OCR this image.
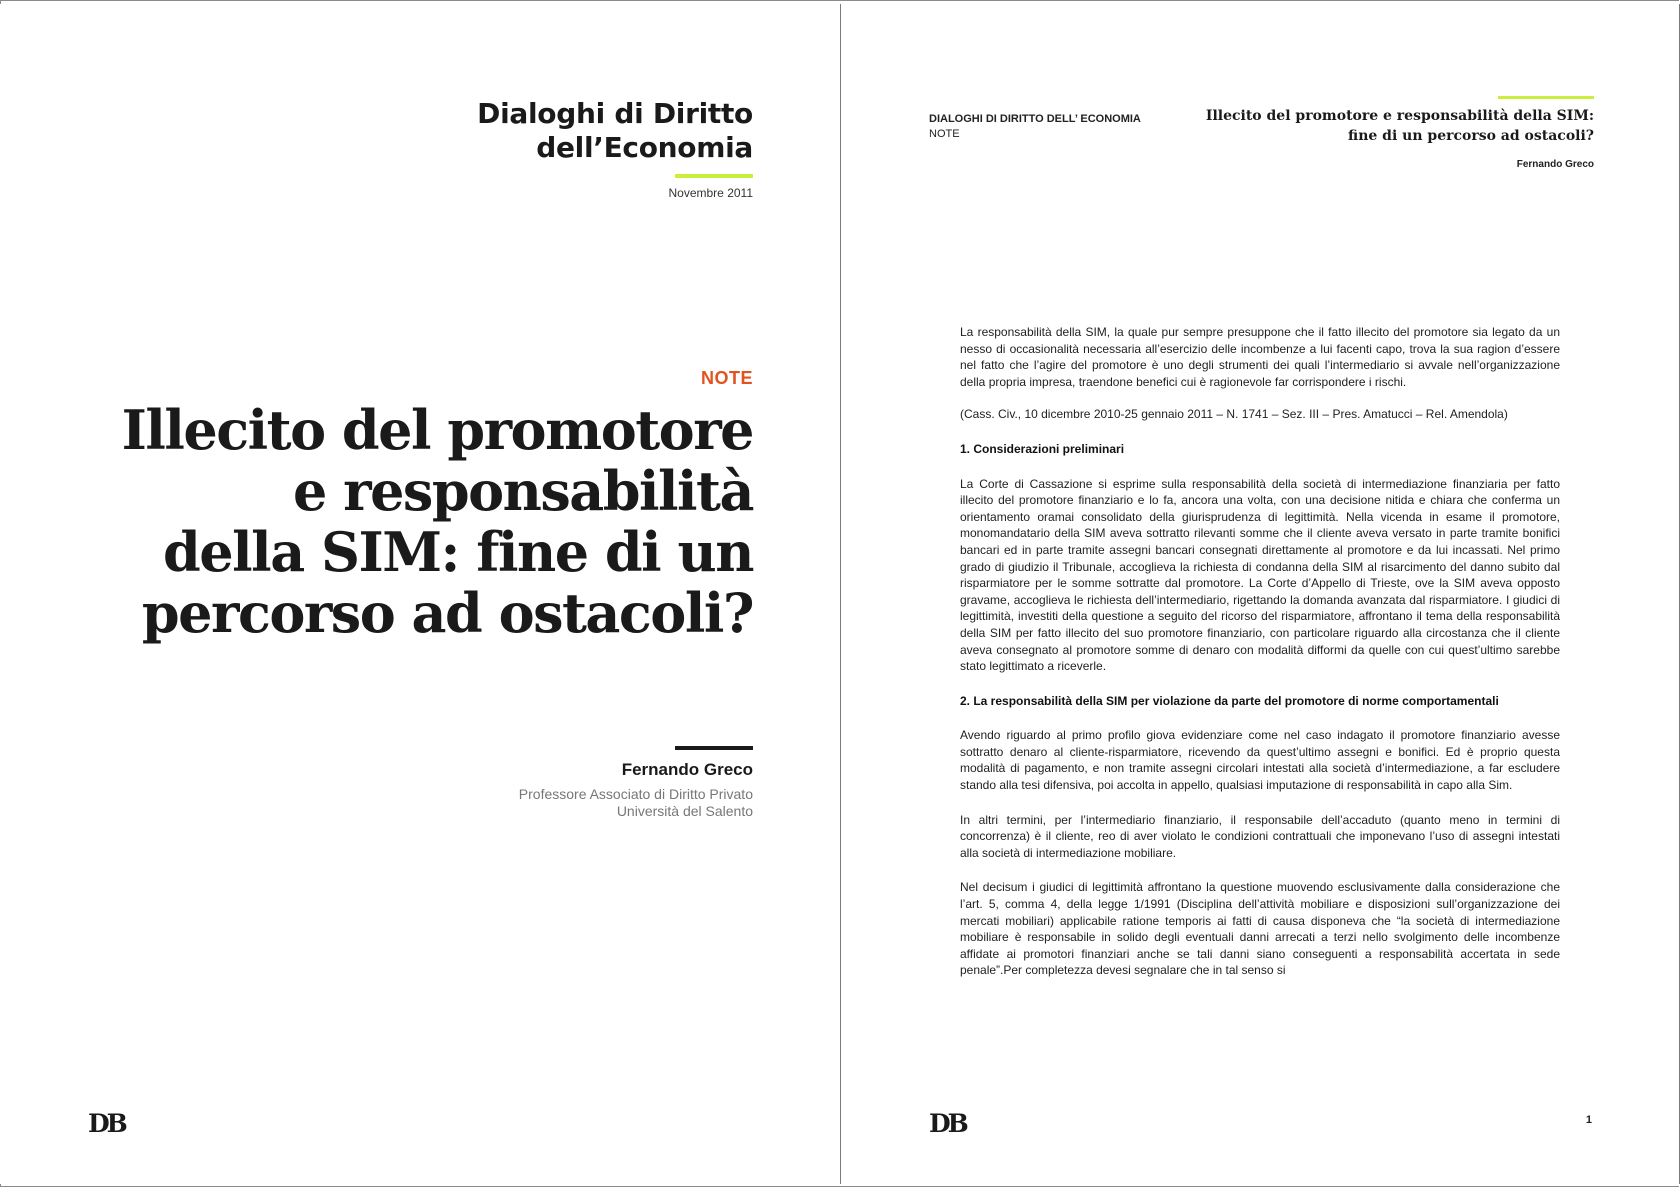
Dialoghi di Diritto
dell’Economia
Novembre 2011
NOTE
Illecito del promotore
e responsabilità
della SIM: fine di un
percorso ad ostacoli?
Fernando Greco
Professore Associato di Diritto Privato
Università del Salento
DB
DIALOGHI DI DIRITTO DELL’ ECONOMIA
NOTE
Illecito del promotore e responsabilità della SIM:
fine di un percorso ad ostacoli?
Fernando Greco

La responsabilità della SIM, la quale pur sempre presuppone che il fatto illecito del promotore sia legato da un nesso di occasionalità necessaria all’esercizio delle incombenze a lui facenti capo, trova la sua ragion d’essere nel fatto che l’agire del promotore è uno degli strumenti dei quali l’intermediario si avvale nell’organizzazione della propria impresa, traendone benefici cui è ragionevole far corrispondere i rischi.

(Cass. Civ., 10 dicembre 2010-25 gennaio 2011 – N. 1741 – Sez. III – Pres. Amatucci – Rel. Amendola)

1. Considerazioni preliminari

La Corte di Cassazione si esprime sulla responsabilità della società di intermediazione finanziaria per fatto illecito del promotore finanziario e lo fa, ancora una volta, con una decisione nitida e chiara che conferma un orientamento oramai consolidato della giurisprudenza di legittimità. Nella vicenda in esame il promotore, monomandatario della SIM aveva sottratto rilevanti somme che il cliente aveva versato in parte tramite bonifici bancari ed in parte tramite assegni bancari consegnati direttamente al promotore e da lui incassati. Nel primo grado di giudizio il Tribunale, accoglieva la richiesta di condanna della SIM al risarcimento del danno subito dal risparmiatore per le somme sottratte dal promotore. La Corte d’Appello di Trieste, ove la SIM aveva opposto gravame, accoglieva le richiesta dell’intermediario, rigettando la domanda avanzata dal risparmiatore. I giudici di legittimità, investiti della questione a seguito del ricorso del risparmiatore, affrontano il tema della responsabilità della SIM per fatto illecito del suo promotore finanziario, con particolare riguardo alla circostanza che il cliente aveva consegnato al promotore somme di denaro con modalità difformi da quelle con cui quest’ultimo sarebbe stato legittimato a riceverle.

2. La responsabilità della SIM per violazione da parte del promotore di norme comportamentali

Avendo riguardo al primo profilo giova evidenziare come nel caso indagato il promotore finanziario avesse sottratto denaro al cliente-risparmiatore, ricevendo da quest’ultimo assegni e bonifici. Ed è proprio questa modalità di pagamento, e non tramite assegni circolari intestati alla società d’intermediazione, a far escludere stando alla tesi difensiva, poi accolta in appello, qualsiasi imputazione di responsabilità in capo alla Sim.

In altri termini, per l’intermediario finanziario, il responsabile dell’accaduto (quanto meno in termini di concorrenza) è il cliente, reo di aver violato le condizioni contrattuali che imponevano l’uso di assegni intestati alla società di intermediazione mobiliare.

Nel decisum i giudici di legittimità affrontano la questione muovendo esclusivamente dalla considerazione che l’art. 5, comma 4, della legge 1/1991 (Disciplina dell’attività mobiliare e disposizioni sull’organizzazione dei mercati mobiliari) applicabile ratione temporis ai fatti di causa disponeva che “la società di intermediazione mobiliare è responsabile in solido degli eventuali danni arrecati a terzi nello svolgimento delle incombenze affidate ai promotori finanziari anche se tali danni siano conseguenti a responsabilità accertata in sede penale”.Per completezza devesi segnalare che in tal senso si

DB	1
